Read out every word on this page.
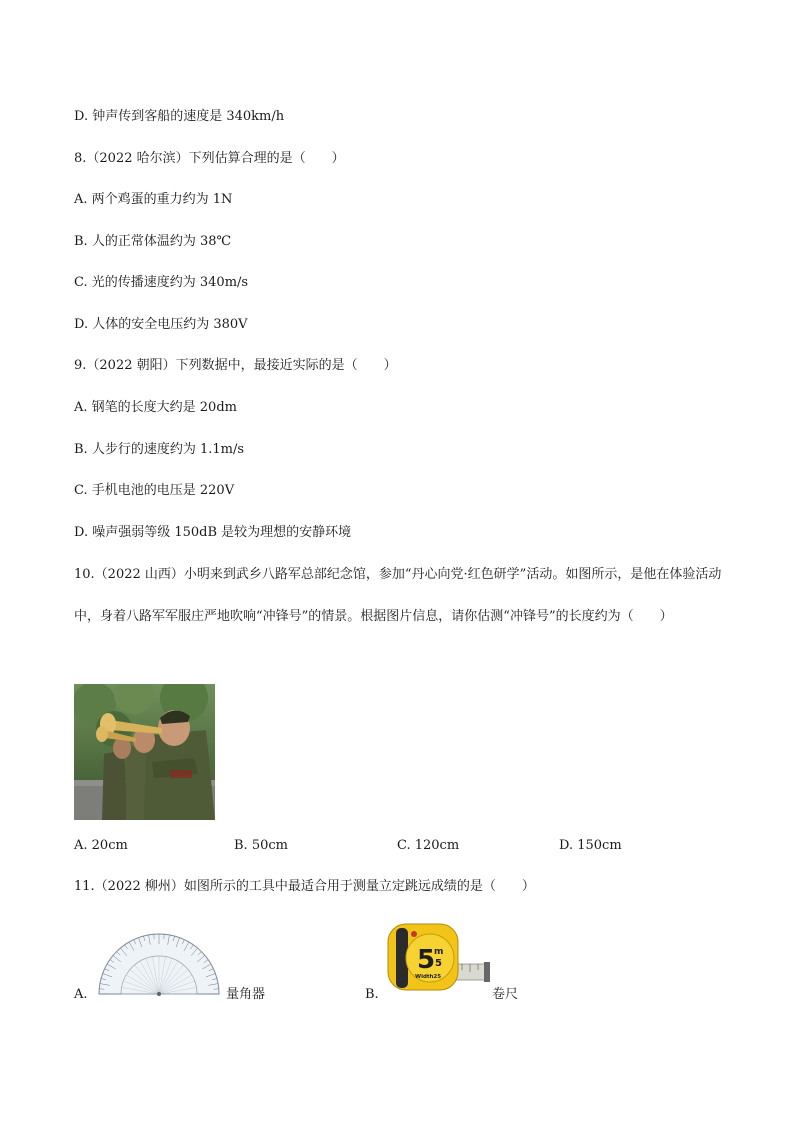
D. 钟声传到客船的速度是 340km/h
8.（2022 哈尔滨）下列估算合理的是（　　）
A. 两个鸡蛋的重力约为 1N
B. 人的正常体温约为 38℃
C. 光的传播速度约为 340m/s
D. 人体的安全电压约为 380V
9.（2022 朝阳）下列数据中，最接近实际的是（　　）
A. 钢笔的长度大约是 20dm
B. 人步行的速度约为 1.1m/s
C. 手机电池的电压是 220V
D. 噪声强弱等级 150dB 是较为理想的安静环境
10.（2022 山西）小明来到武乡八路军总部纪念馆，参加“丹心向党·红色研学”活动。如图所示，是他在体验活动中，身着八路军军服庄严地吹响“冲锋号”的情景。根据图片信息，请你估测“冲锋号”的长度约为（　　）
A. 20cm	B. 50cm	C. 120cm	D. 150cm
11.（2022 柳州）如图所示的工具中最适合用于测量立定跳远成绩的是（　　）
5
m
5
Width25
A.	量角器	B.	卷尺
